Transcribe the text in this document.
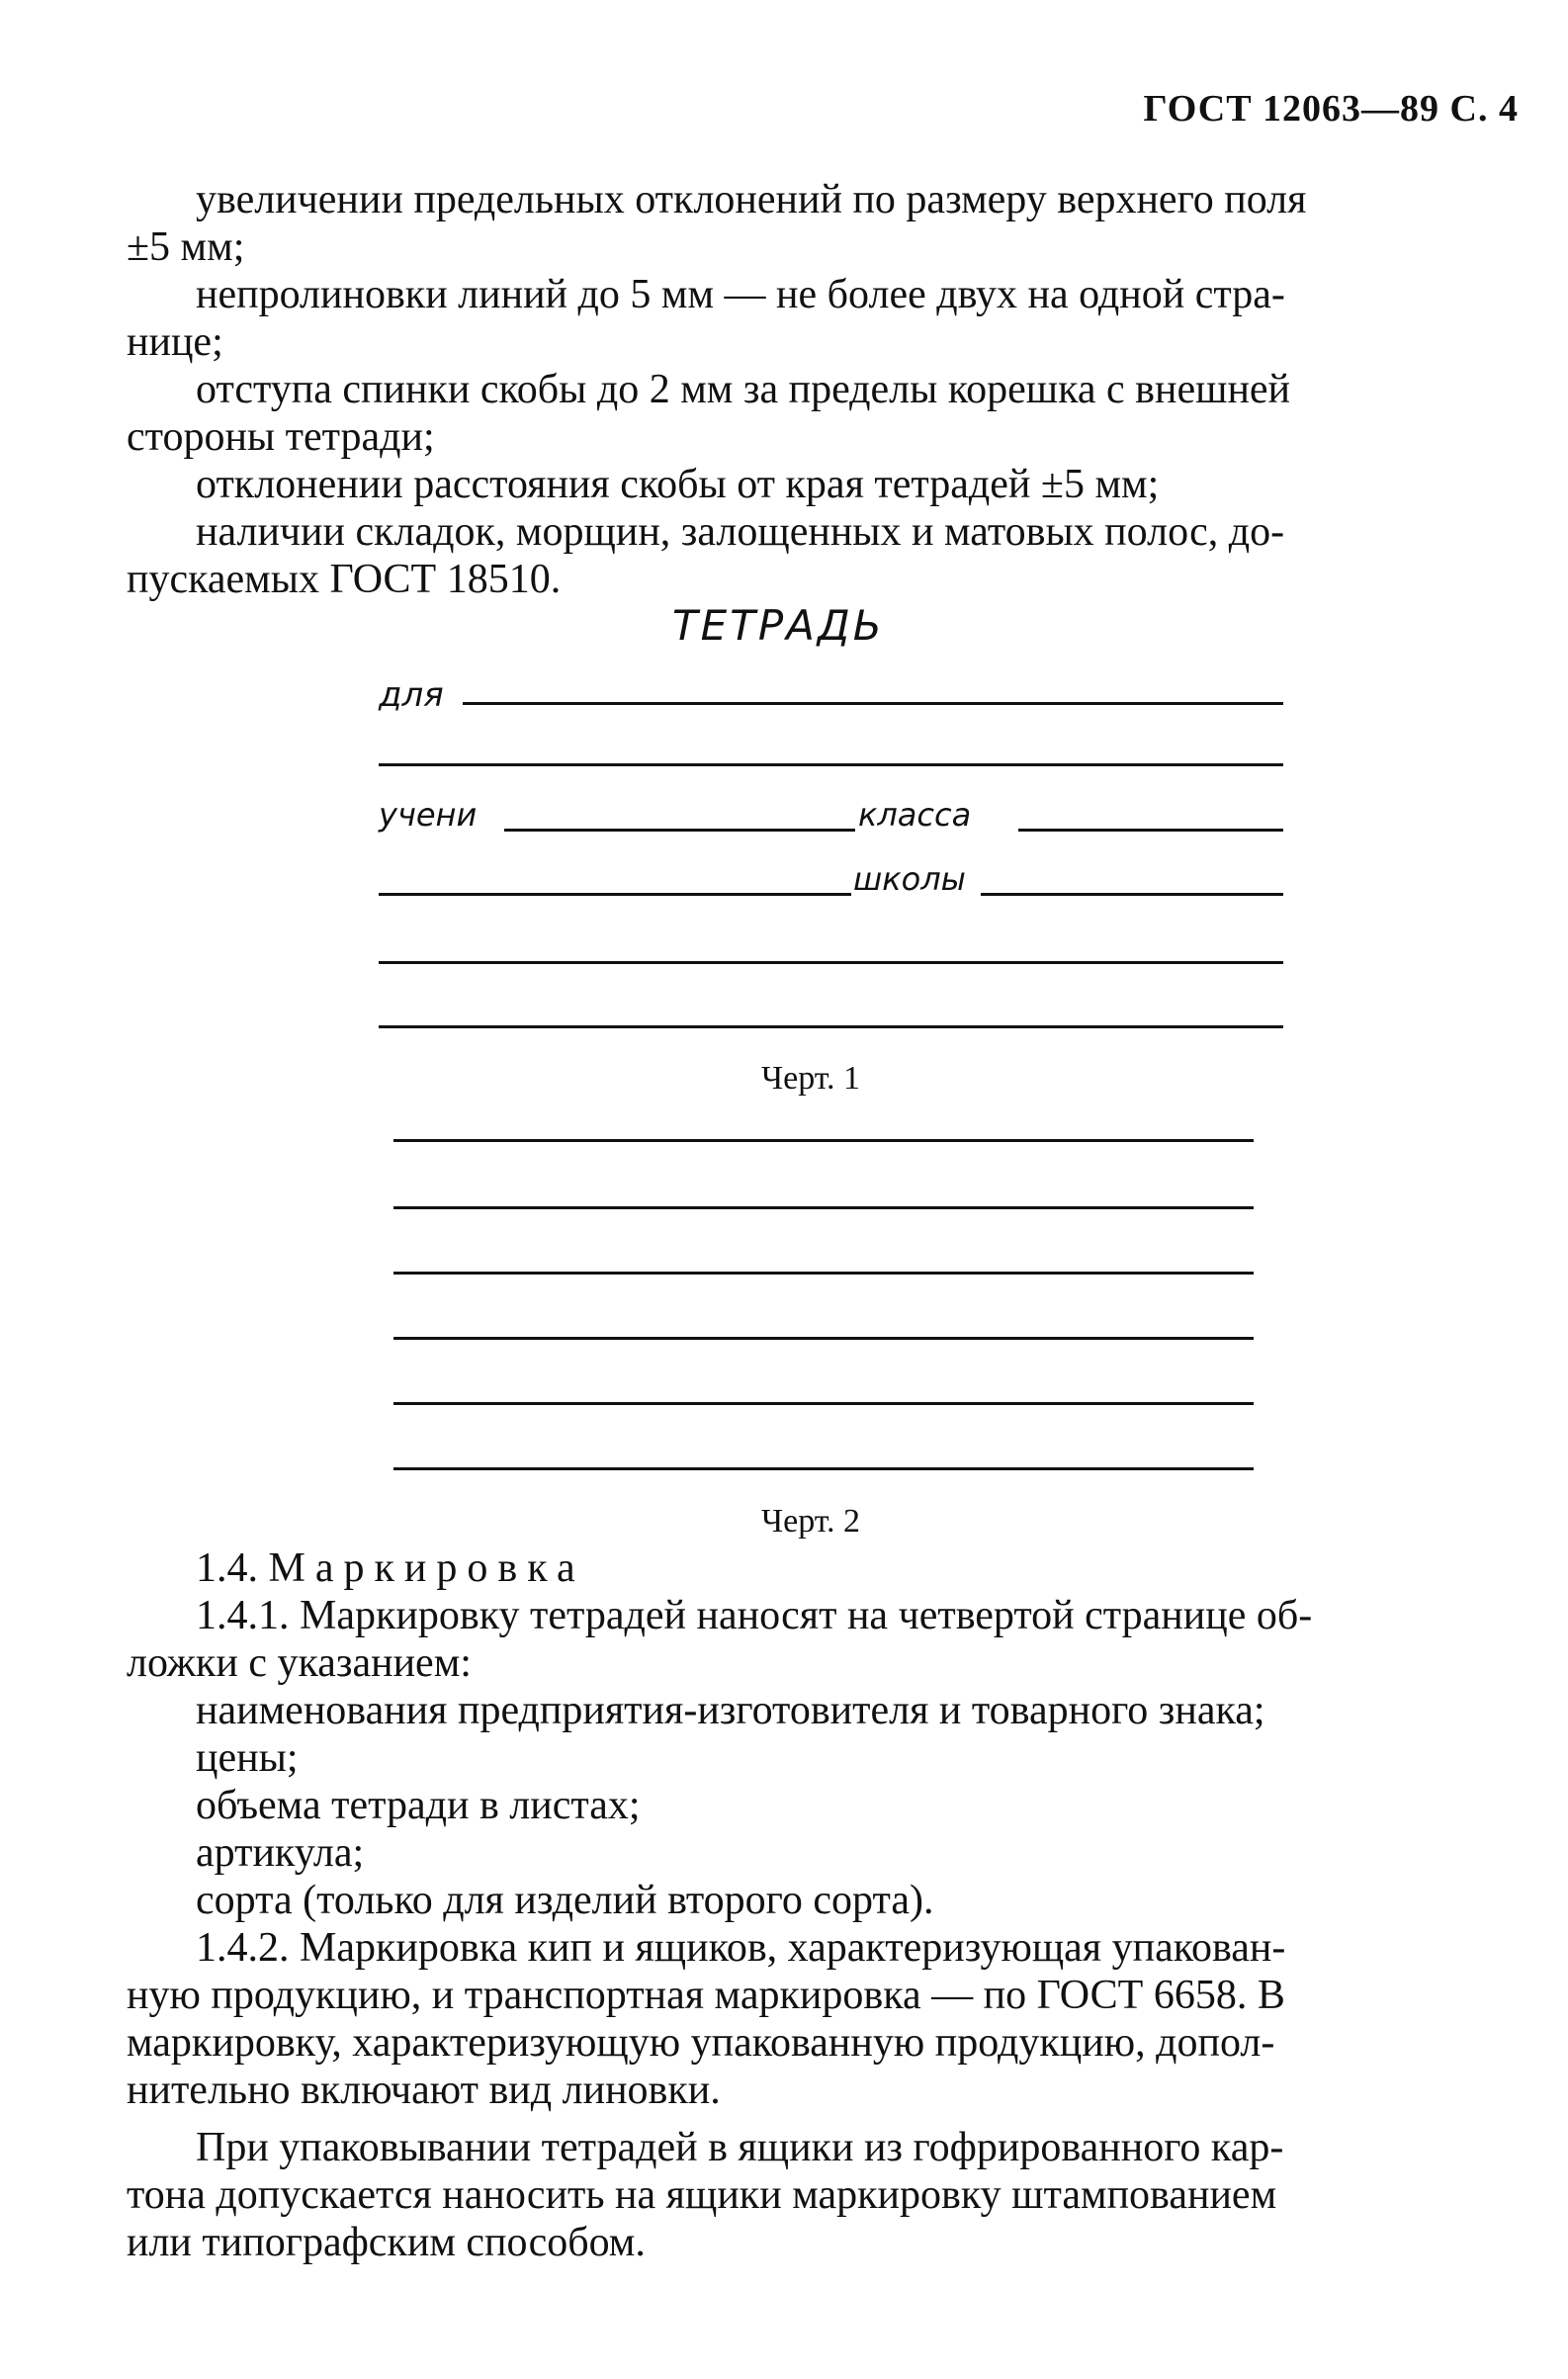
ГОСТ 12063—89 С. 4
увеличении предельных отклонений по размеру верхнего поля
±5 мм;
непролиновки линий до 5 мм — не более двух на одной стра-
нице;
отступа спинки скобы до 2 мм за пределы корешка с внешней
стороны тетради;
отклонении расстояния скобы от края тетрадей ±5 мм;
наличии складок, морщин, залощенных и матовых полос, до-
пускаемых ГОСТ 18510.
ТЕТРАДЬ
для
учени	класса
школы
Черт. 1
Черт. 2
1.4. Маркировка
1.4.1. Маркировку тетрадей наносят на четвертой странице об-
ложки с указанием:
наименования предприятия-изготовителя и товарного знака;
цены;
объема тетради в листах;
артикула;
сорта (только для изделий второго сорта).
1.4.2. Маркировка кип и ящиков, характеризующая упакован-
ную продукцию, и транспортная маркировка — по ГОСТ 6658. В
маркировку, характеризующую упакованную продукцию, допол-
нительно включают вид линовки.
При упаковывании тетрадей в ящики из гофрированного кар-
тона допускается наносить на ящики маркировку штампованием
или типографским способом.
